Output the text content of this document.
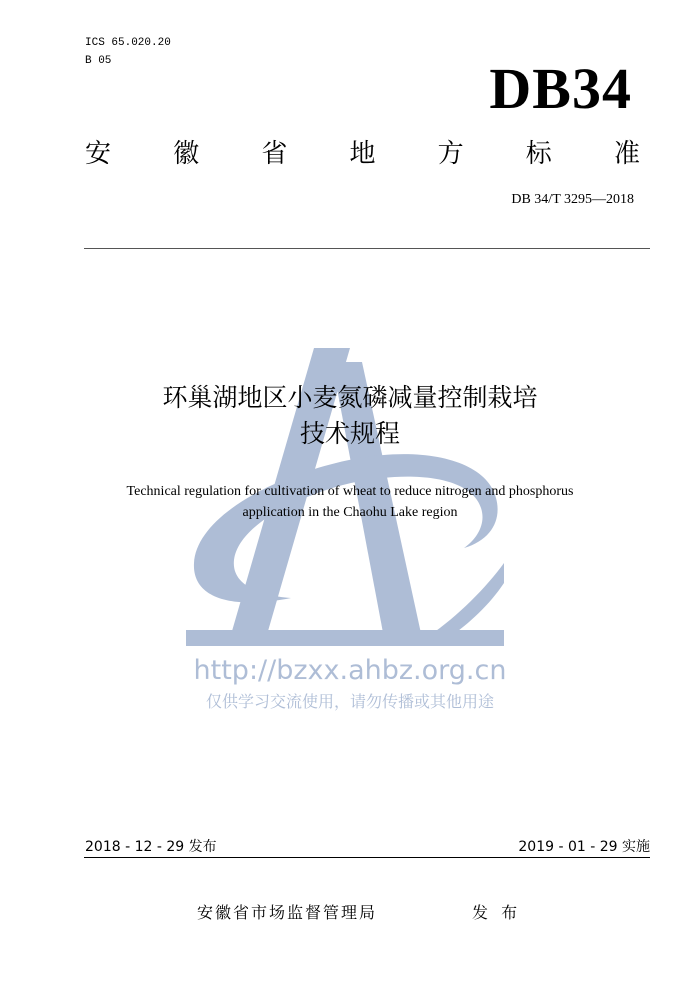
ICS 65.020.20
B 05	DB34
安 徽 省 地 方 标 准
DB 34/T 3295—2018
http://bzxx.ahbz.org.cn
仅供学习交流使用，请勿传播或其他用途
环巢湖地区小麦氮磷减量控制栽培
技术规程
Technical regulation for cultivation of wheat to reduce nitrogen and phosphorus
application in the Chaohu Lake region
2018 - 12 - 29 发布	2019 - 01 - 29 实施
安徽省市场监督管理局	发 布
